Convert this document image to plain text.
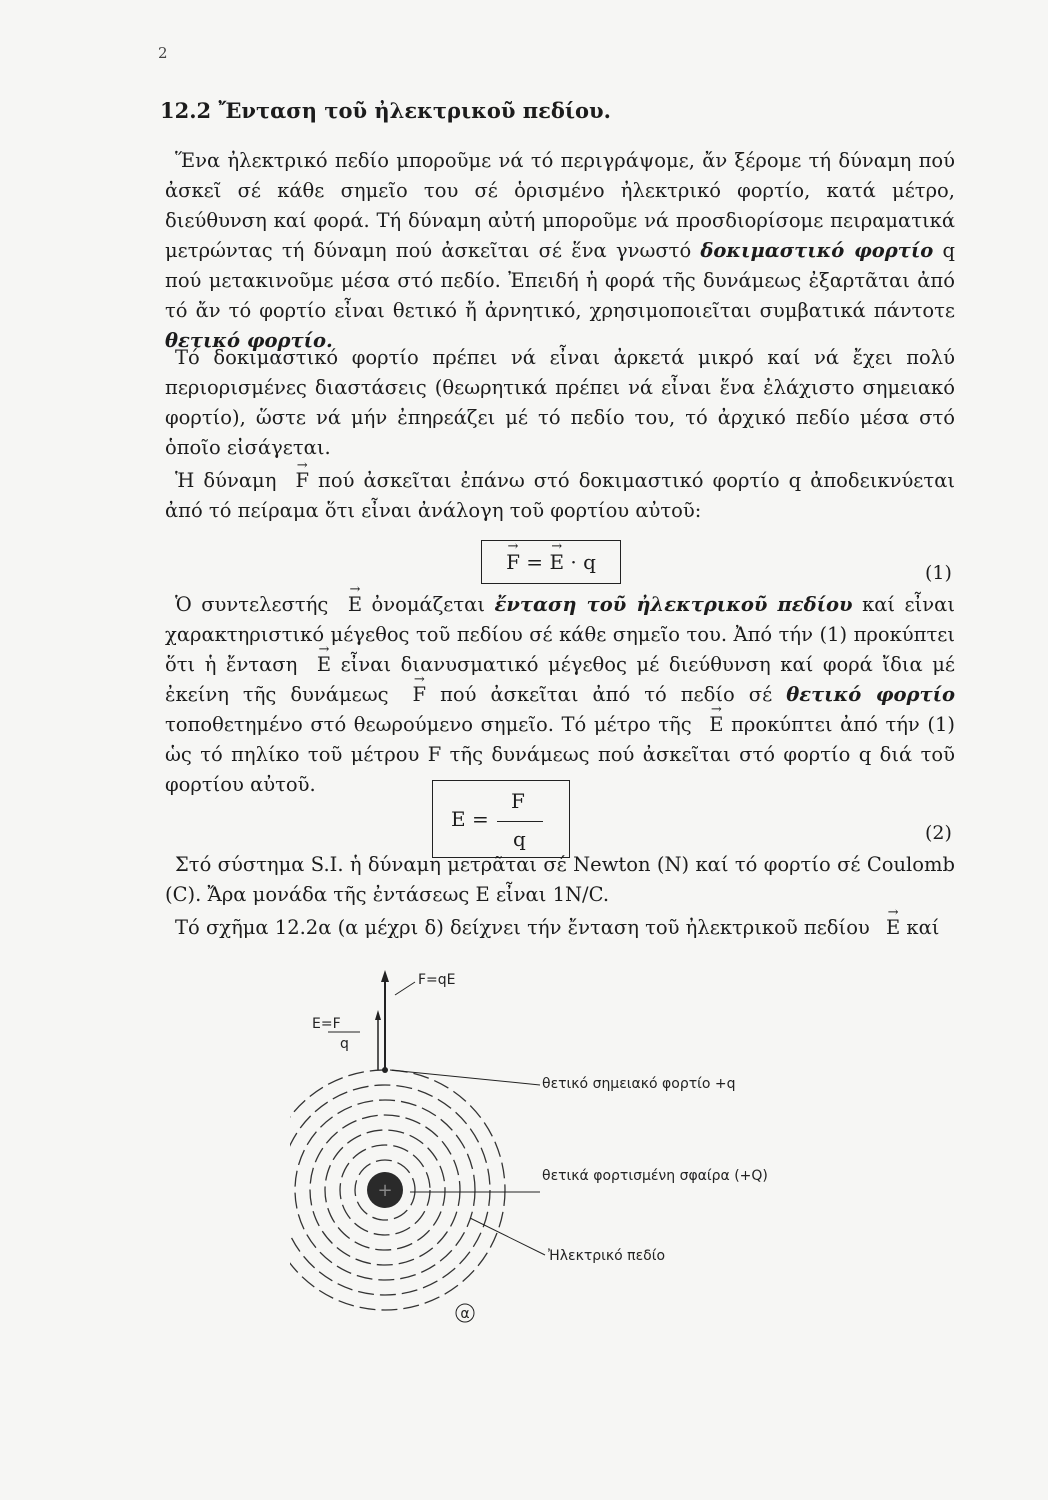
2
12.2 Ἔνταση τοῦ ἠλεκτρικοῦ πεδίου.

Ἕνα ἠλεκτρικό πεδίο μποροῦμε νά τό περιγράψομε, ἄν ξέρομε τή δύναμη πού ἀσκεῖ σέ κάθε σημεῖο του σέ ὁρισμένο ἠλεκτρικό φορτίο, κατά μέτρο, διεύθυνση καί φορά. Τή δύναμη αὐτή μποροῦμε νά προσδιορίσομε πειραματικά μετρώντας τή δύναμη πού ἀσκεῖται σέ ἕνα γνωστό δοκιμαστικό φορτίο q πού μετακινοῦμε μέσα στό πεδίο. Ἐπειδή ἡ φορά τῆς δυνάμεως ἐξαρτᾶται ἀπό τό ἄν τό φορτίο εἶναι θετικό ἤ ἀρνητικό, χρησιμοποιεῖται συμβατικά πάντοτε θετικό φορτίο.

Τό δοκιμαστικό φορτίο πρέπει νά εἶναι ἀρκετά μικρό καί νά ἔχει πολύ περιορισμένες διαστάσεις (θεωρητικά πρέπει νά εἶναι ἕνα ἐλάχιστο σημειακό φορτίο), ὥστε νά μήν ἐπηρεάζει μέ τό πεδίο του, τό ἀρχικό πεδίο μέσα στό ὁποῖο εἰσάγεται.

Ἡ δύναμη → F πού ἀσκεῖται ἐπάνω στό δοκιμαστικό φορτίο q ἀποδεικνύεται ἀπό τό πείραμα ὅτι εἶναι ἀνάλογη τοῦ φορτίου αὐτοῦ:

→ F = → E · q	(1)

Ὁ συντελεστής → E ὀνομάζεται ἔνταση τοῦ ἠλεκτρικοῦ πεδίου καί εἶναι χαρακτηριστικό μέγεθος τοῦ πεδίου σέ κάθε σημεῖο του. Ἀπό τήν (1) προκύπτει ὅτι ἡ ἔνταση → E εἶναι διανυσματικό μέγεθος μέ διεύθυνση καί φορά ἴδια μέ ἐκείνη τῆς δυνάμεως → F πού ἀσκεῖται ἀπό τό πεδίο σέ θετικό φορτίο τοποθετημένο στό θεωρούμενο σημεῖο. Τό μέτρο τῆς → E προκύπτει ἀπό τήν (1) ὡς τό πηλίκο τοῦ μέτρου F τῆς δυνάμεως πού ἀσκεῖται στό φορτίο q διά τοῦ φορτίου αὐτοῦ.

E =
F
q	(2)

Στό σύστημα S.I. ἡ δύναμη μετρᾶται σέ Newton (N) καί τό φορτίο σέ Coulomb (C). Ἄρα μονάδα τῆς ἐντάσεως E εἶναι 1N/C.

Τό σχῆμα 12.2α (α μέχρι δ) δείχνει τήν ἔνταση τοῦ ἠλεκτρικοῦ πεδίου → E καί

+
F=qE
E=F
q
θετικό σημειακό φορτίο +q
θετικά φορτισμένη σφαίρα (+Q)
Ἠλεκτρικό πεδίο
α
